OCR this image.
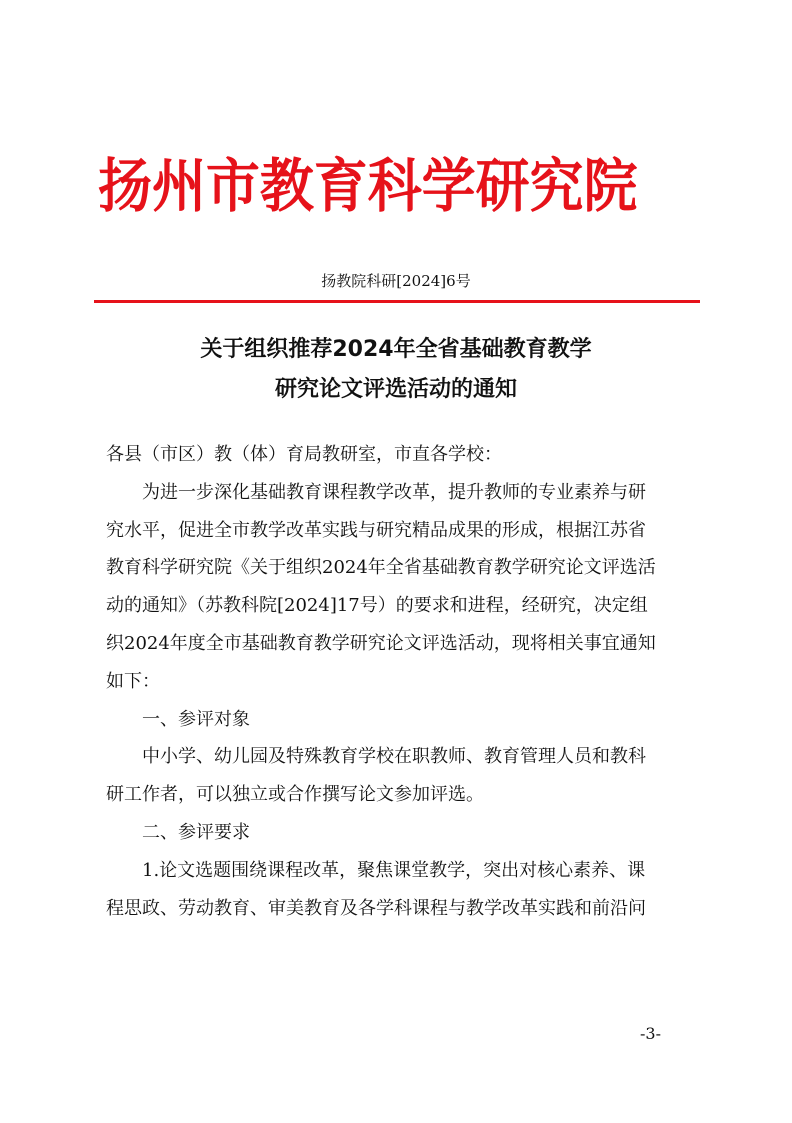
扬州市教育科学研究院
扬教院科研[2024]6号
关于组织推荐2024年全省基础教育教学
研究论文评选活动的通知

各县（市区）教（体）育局教研室，市直各学校：

为进一步深化基础教育课程教学改革，提升教师的专业素养与研

究水平，促进全市教学改革实践与研究精品成果的形成，根据江苏省

教育科学研究院《关于组织2024年全省基础教育教学研究论文评选活

动的通知》（苏教科院[2024]17号）的要求和进程，经研究，决定组

织2024年度全市基础教育教学研究论文评选活动，现将相关事宜通知

如下：

一、参评对象

中小学、幼儿园及特殊教育学校在职教师、教育管理人员和教科

研工作者，可以独立或合作撰写论文参加评选。

二、参评要求

1.论文选题围绕课程改革，聚焦课堂教学，突出对核心素养、课

程思政、劳动教育、审美教育及各学科课程与教学改革实践和前沿问

-3-
